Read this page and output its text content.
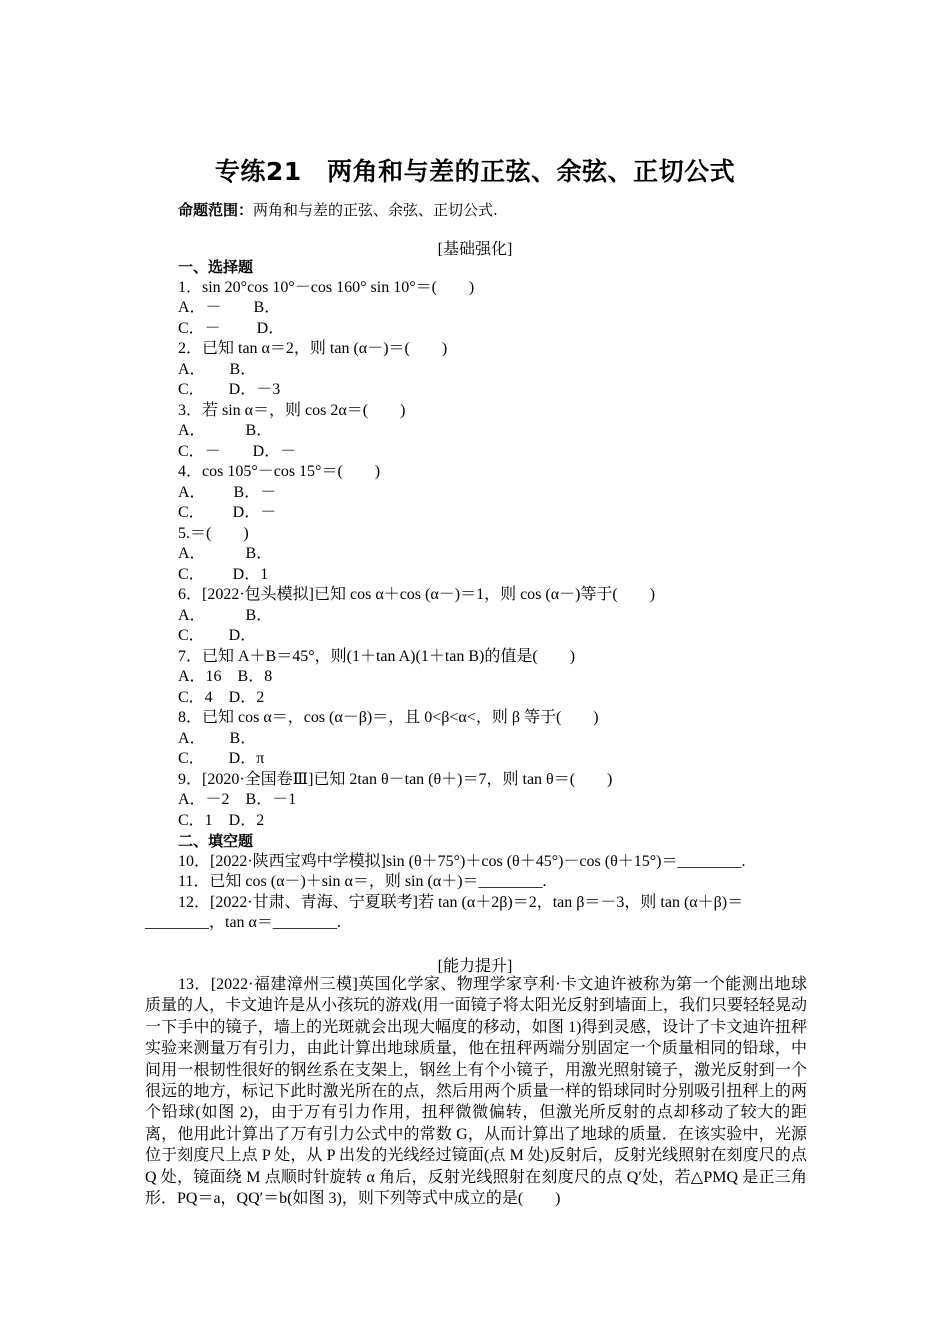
专练21　两角和与差的正弦、余弦、正切公式
命题范围：两角和与差的正弦、余弦、正切公式.
[基础强化]
一、选择题
1．sin 20°cos 10°－cos 160° sin 10°＝(　　)
A．－　　B．
C．－　　 D．
2．已知 tan α＝2，则 tan (α－)＝(　　)
A．　　B．
C．　　D．－3
3．若 sin α＝，则 cos 2α＝(　　)
A．　　　B．
C．－　　D．－
4．cos 105°－cos 15°＝(　　)
A．　　 B．－
C．　　 D．－
5.＝(　　)
A．　　　B．
C．　　 D．1
6．[2022·包头模拟]已知 cos α＋cos (α－)＝1，则 cos (α－)等于(　　)
A．　　　B．
C．　　D．
7．已知 A＋B＝45°，则(1＋tan A)(1＋tan B)的值是(　　)
A．16　B．8
C．4　D．2
8．已知 cos α＝，cos (α－β)＝，且 0<β<α<，则 β 等于(　　)
A．　　B．
C．　　D．π
9．[2020·全国卷Ⅲ]已知 2tan θ－tan (θ＋)＝7，则 tan θ＝(　　)
A．－2　B．－1
C．1　D．2
二、填空题
10．[2022·陕西宝鸡中学模拟]sin (θ＋75°)＋cos (θ＋45°)－cos (θ＋15°)＝________.
11．已知 cos (α－)＋sin α＝，则 sin (α＋)＝________.
12．[2022·甘肃、青海、宁夏联考]若 tan (α＋2β)＝2，tan β＝－3，则 tan (α＋β)＝
________，tan α＝________.
[能力提升]
13．[2022·福建漳州三模]英国化学家、物理学家亨利·卡文迪许被称为第一个能测出地球质量的人，卡文迪许是从小孩玩的游戏(用一面镜子将太阳光反射到墙面上，我们只要轻轻晃动一下手中的镜子，墙上的光斑就会出现大幅度的移动，如图 1)得到灵感，设计了卡文迪许扭秤实验来测量万有引力，由此计算出地球质量，他在扭秤两端分别固定一个质量相同的铅球，中间用一根韧性很好的钢丝系在支架上，钢丝上有个小镜子，用激光照射镜子，激光反射到一个很远的地方，标记下此时激光所在的点，然后用两个质量一样的铅球同时分别吸引扭秤上的两个铅球(如图 2)，由于万有引力作用，扭秤微微偏转，但激光所反射的点却移动了较大的距离，他用此计算出了万有引力公式中的常数 G，从而计算出了地球的质量．在该实验中，光源位于刻度尺上点 P 处，从 P 出发的光线经过镜面(点 M 处)反射后，反射光线照射在刻度尺的点 Q 处，镜面绕 M 点顺时针旋转 α 角后，反射光线照射在刻度尺的点 Q′处，若△PMQ 是正三角形．PQ＝a，QQ′＝b(如图 3)，则下列等式中成立的是(　　)
